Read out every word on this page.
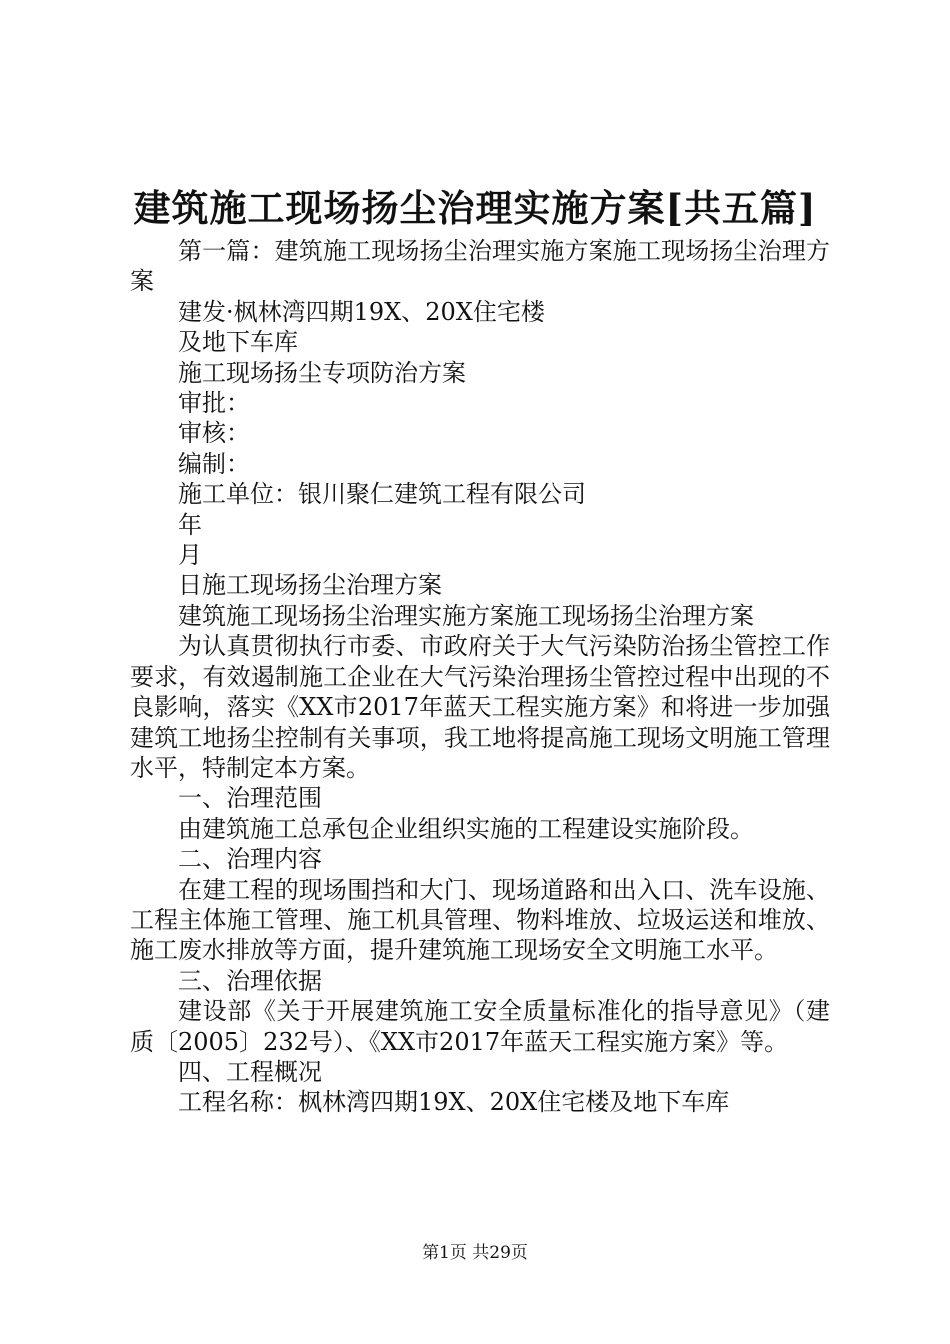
建筑施工现场扬尘治理实施方案[共五篇]

第一篇：建筑施工现场扬尘治理实施方案施工现场扬尘治理方案

建发·枫林湾四期19X、20X住宅楼

及地下车库

施工现场扬尘专项防治方案

审批：

审核：

编制：

施工单位：银川聚仁建筑工程有限公司

年

月

日施工现场扬尘治理方案

建筑施工现场扬尘治理实施方案施工现场扬尘治理方案

为认真贯彻执行市委、市政府关于大气污染防治扬尘管控工作要求，有效遏制施工企业在大气污染治理扬尘管控过程中出现的不良影响，落实《XX市2017年蓝天工程实施方案》和将进一步加强建筑工地扬尘控制有关事项，我工地将提高施工现场文明施工管理水平，特制定本方案。

一、治理范围

由建筑施工总承包企业组织实施的工程建设实施阶段。

二、治理内容

在建工程的现场围挡和大门、现场道路和出入口、洗车设施、工程主体施工管理、施工机具管理、物料堆放、垃圾运送和堆放、施工废水排放等方面，提升建筑施工现场安全文明施工水平。

三、治理依据

建设部《关于开展建筑施工安全质量标准化的指导意见》（建质〔2005〕232号）、《XX市2017年蓝天工程实施方案》等。

四、工程概况

工程名称：枫林湾四期19X、20X住宅楼及地下车库

第1页 共29页
